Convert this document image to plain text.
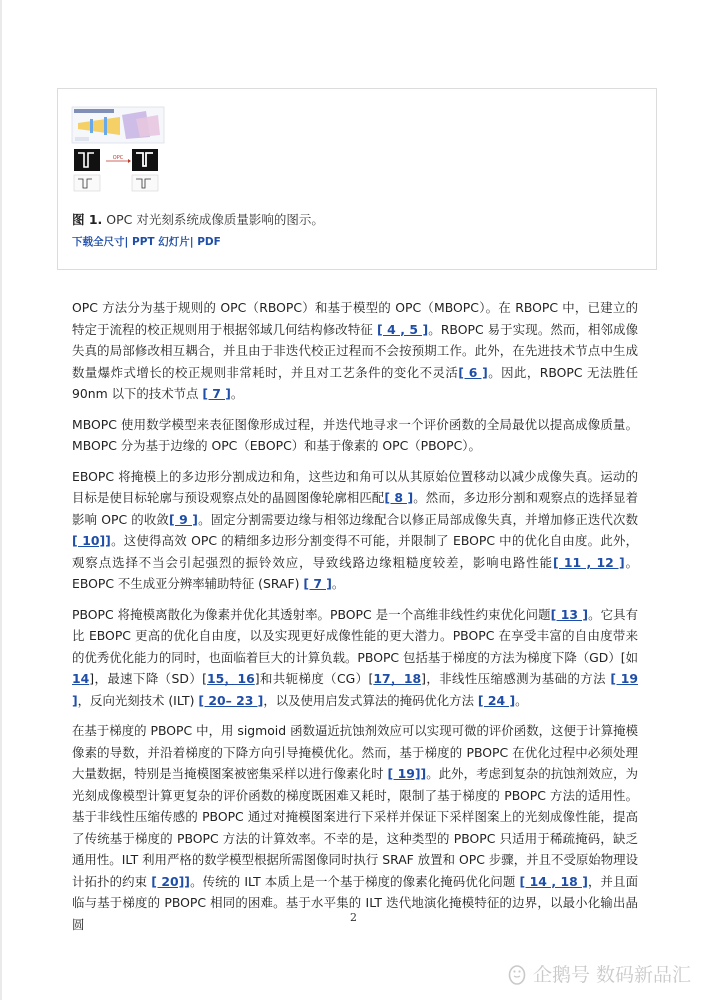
OPC
图 1. OPC 对光刻系统成像质量影响的图示。
下载全尺寸| PPT 幻灯片| PDF

OPC 方法分为基于规则的 OPC（RBOPC）和基于模型的 OPC（MBOPC）。在 RBOPC 中，已建立的特定于流程的校正规则用于根据邻域几何结构修改特征 [ 4 , 5 ]。RBOPC 易于实现。然而，相邻成像失真的局部修改相互耦合，并且由于非迭代校正过程而不会按预期工作。此外，在先进技术节点中生成数量爆炸式增长的校正规则非常耗时，并且对工艺条件的变化不灵活[ 6 ]。因此，RBOPC 无法胜任 90nm 以下的技术节点 [ 7 ]。

MBOPC 使用数学模型来表征图像形成过程，并迭代地寻求一个评价函数的全局最优以提高成像质量。MBOPC 分为基于边缘的 OPC（EBOPC）和基于像素的 OPC（PBOPC）。

EBOPC 将掩模上的多边形分割成边和角，这些边和角可以从其原始位置移动以减少成像失真。运动的目标是使目标轮廓与预设观察点处的晶圆图像轮廓相匹配[ 8 ]。然而，多边形分割和观察点的选择显着影响 OPC 的收敛[ 9 ]。固定分割需要边缘与相邻边缘配合以修正局部成像失真，并增加修正迭代次数 [ 10]]。这使得高效 OPC 的精细多边形分割变得不可能，并限制了 EBOPC 中的优化自由度。此外，观察点选择不当会引起强烈的振铃效应，导致线路边缘粗糙度较差，影响电路性能[ 11 , 12 ]。EBOPC 不生成亚分辨率辅助特征 (SRAF) [ 7 ]。

PBOPC 将掩模离散化为像素并优化其透射率。PBOPC 是一个高维非线性约束优化问题[ 13 ]。它具有比 EBOPC 更高的优化自由度，以及实现更好成像性能的更大潜力。PBOPC 在享受丰富的自由度带来的优秀优化能力的同时，也面临着巨大的计算负载。PBOPC 包括基于梯度的方法为梯度下降（GD）[如 14]，最速下降（SD）[15，16]和共轭梯度（CG）[17，18]，非线性压缩感测为基础的方法 [ 19 ]，反向光刻技术 (ILT) [ 20– 23 ]，以及使用启发式算法的掩码优化方法 [ 24 ]。

在基于梯度的 PBOPC 中，用 sigmoid 函数逼近抗蚀剂效应可以实现可微的评价函数，这便于计算掩模像素的导数，并沿着梯度的下降方向引导掩模优化。然而，基于梯度的 PBOPC 在优化过程中必须处理大量数据，特别是当掩模图案被密集采样以进行像素化时 [ 19]]。此外，考虑到复杂的抗蚀剂效应，为光刻成像模型计算更复杂的评价函数的梯度既困难又耗时，限制了基于梯度的 PBOPC 方法的适用性。基于非线性压缩传感的 PBOPC 通过对掩模图案进行下采样并保证下采样图案上的光刻成像性能，提高了传统基于梯度的 PBOPC 方法的计算效率。不幸的是，这种类型的 PBOPC 只适用于稀疏掩码，缺乏通用性。ILT 利用严格的数学模型根据所需图像同时执行 SRAF 放置和 OPC 步骤，并且不受原始物理设计拓扑的约束 [ 20]]。传统的 ILT 本质上是一个基于梯度的像素化掩码优化问题 [ 14 , 18 ]，并且面临与基于梯度的 PBOPC 相同的困难。基于水平集的 ILT 迭代地演化掩模特征的边界，以最小化输出晶圆	2
企鹅号 数码新品汇
